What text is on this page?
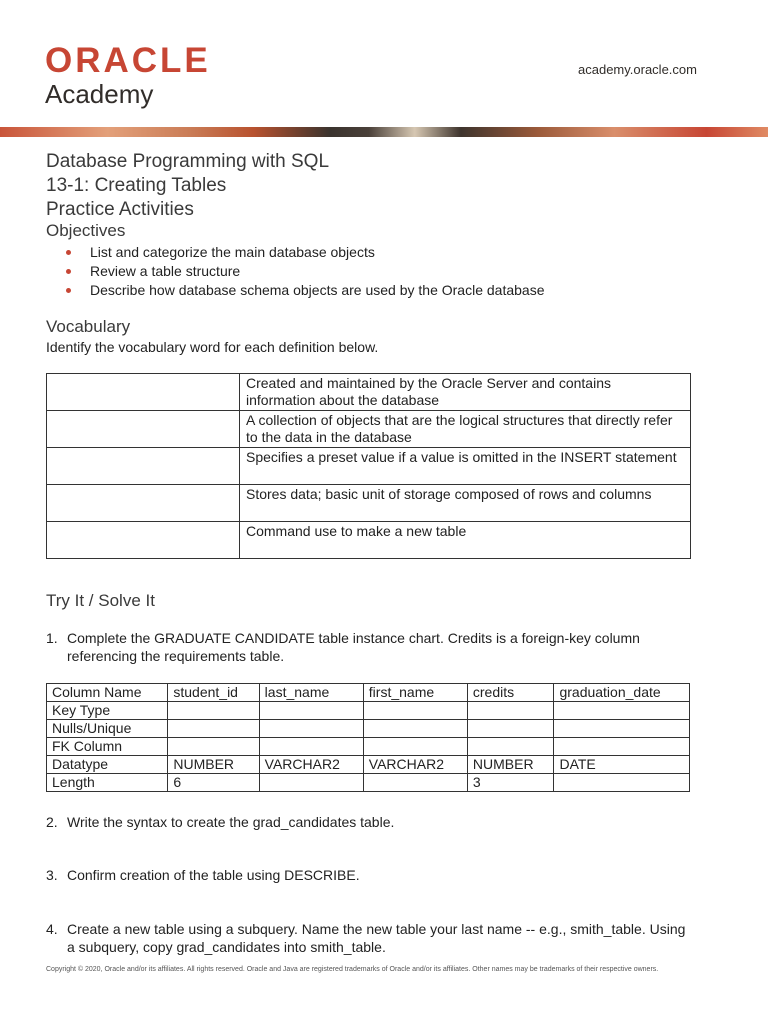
ORACLE
Academy
academy.oracle.com
Database Programming with SQL
13-1: Creating Tables
Practice Activities
Objectives
List and categorize the main database objects
Review a table structure
Describe how database schema objects are used by the Oracle database
Vocabulary
Identify the vocabulary word for each definition below.
	Created and maintained by the Oracle Server and contains information about the database
	A collection of objects that are the logical structures that directly refer to the data in the database
	Specifies a preset value if a value is omitted in the INSERT statement
	Stores data; basic unit of storage composed of rows and columns
	Command use to make a new table
Try It / Solve It
1. Complete the GRADUATE CANDIDATE table instance chart. Credits is a foreign-key column referencing the requirements table.
Column Name	student_id	last_name	first_name	credits	graduation_date
Key Type					
Nulls/Unique					
FK Column					
Datatype	NUMBER	VARCHAR2	VARCHAR2	NUMBER	DATE
Length	6			3	
2. Write the syntax to create the grad_candidates table.
3. Confirm creation of the table using DESCRIBE.
4. Create a new table using a subquery. Name the new table your last name -- e.g., smith_table. Using a subquery, copy grad_candidates into smith_table.
Copyright © 2020, Oracle and/or its affiliates. All rights reserved. Oracle and Java are registered trademarks of Oracle and/or its affiliates. Other names may be trademarks of their respective owners.
